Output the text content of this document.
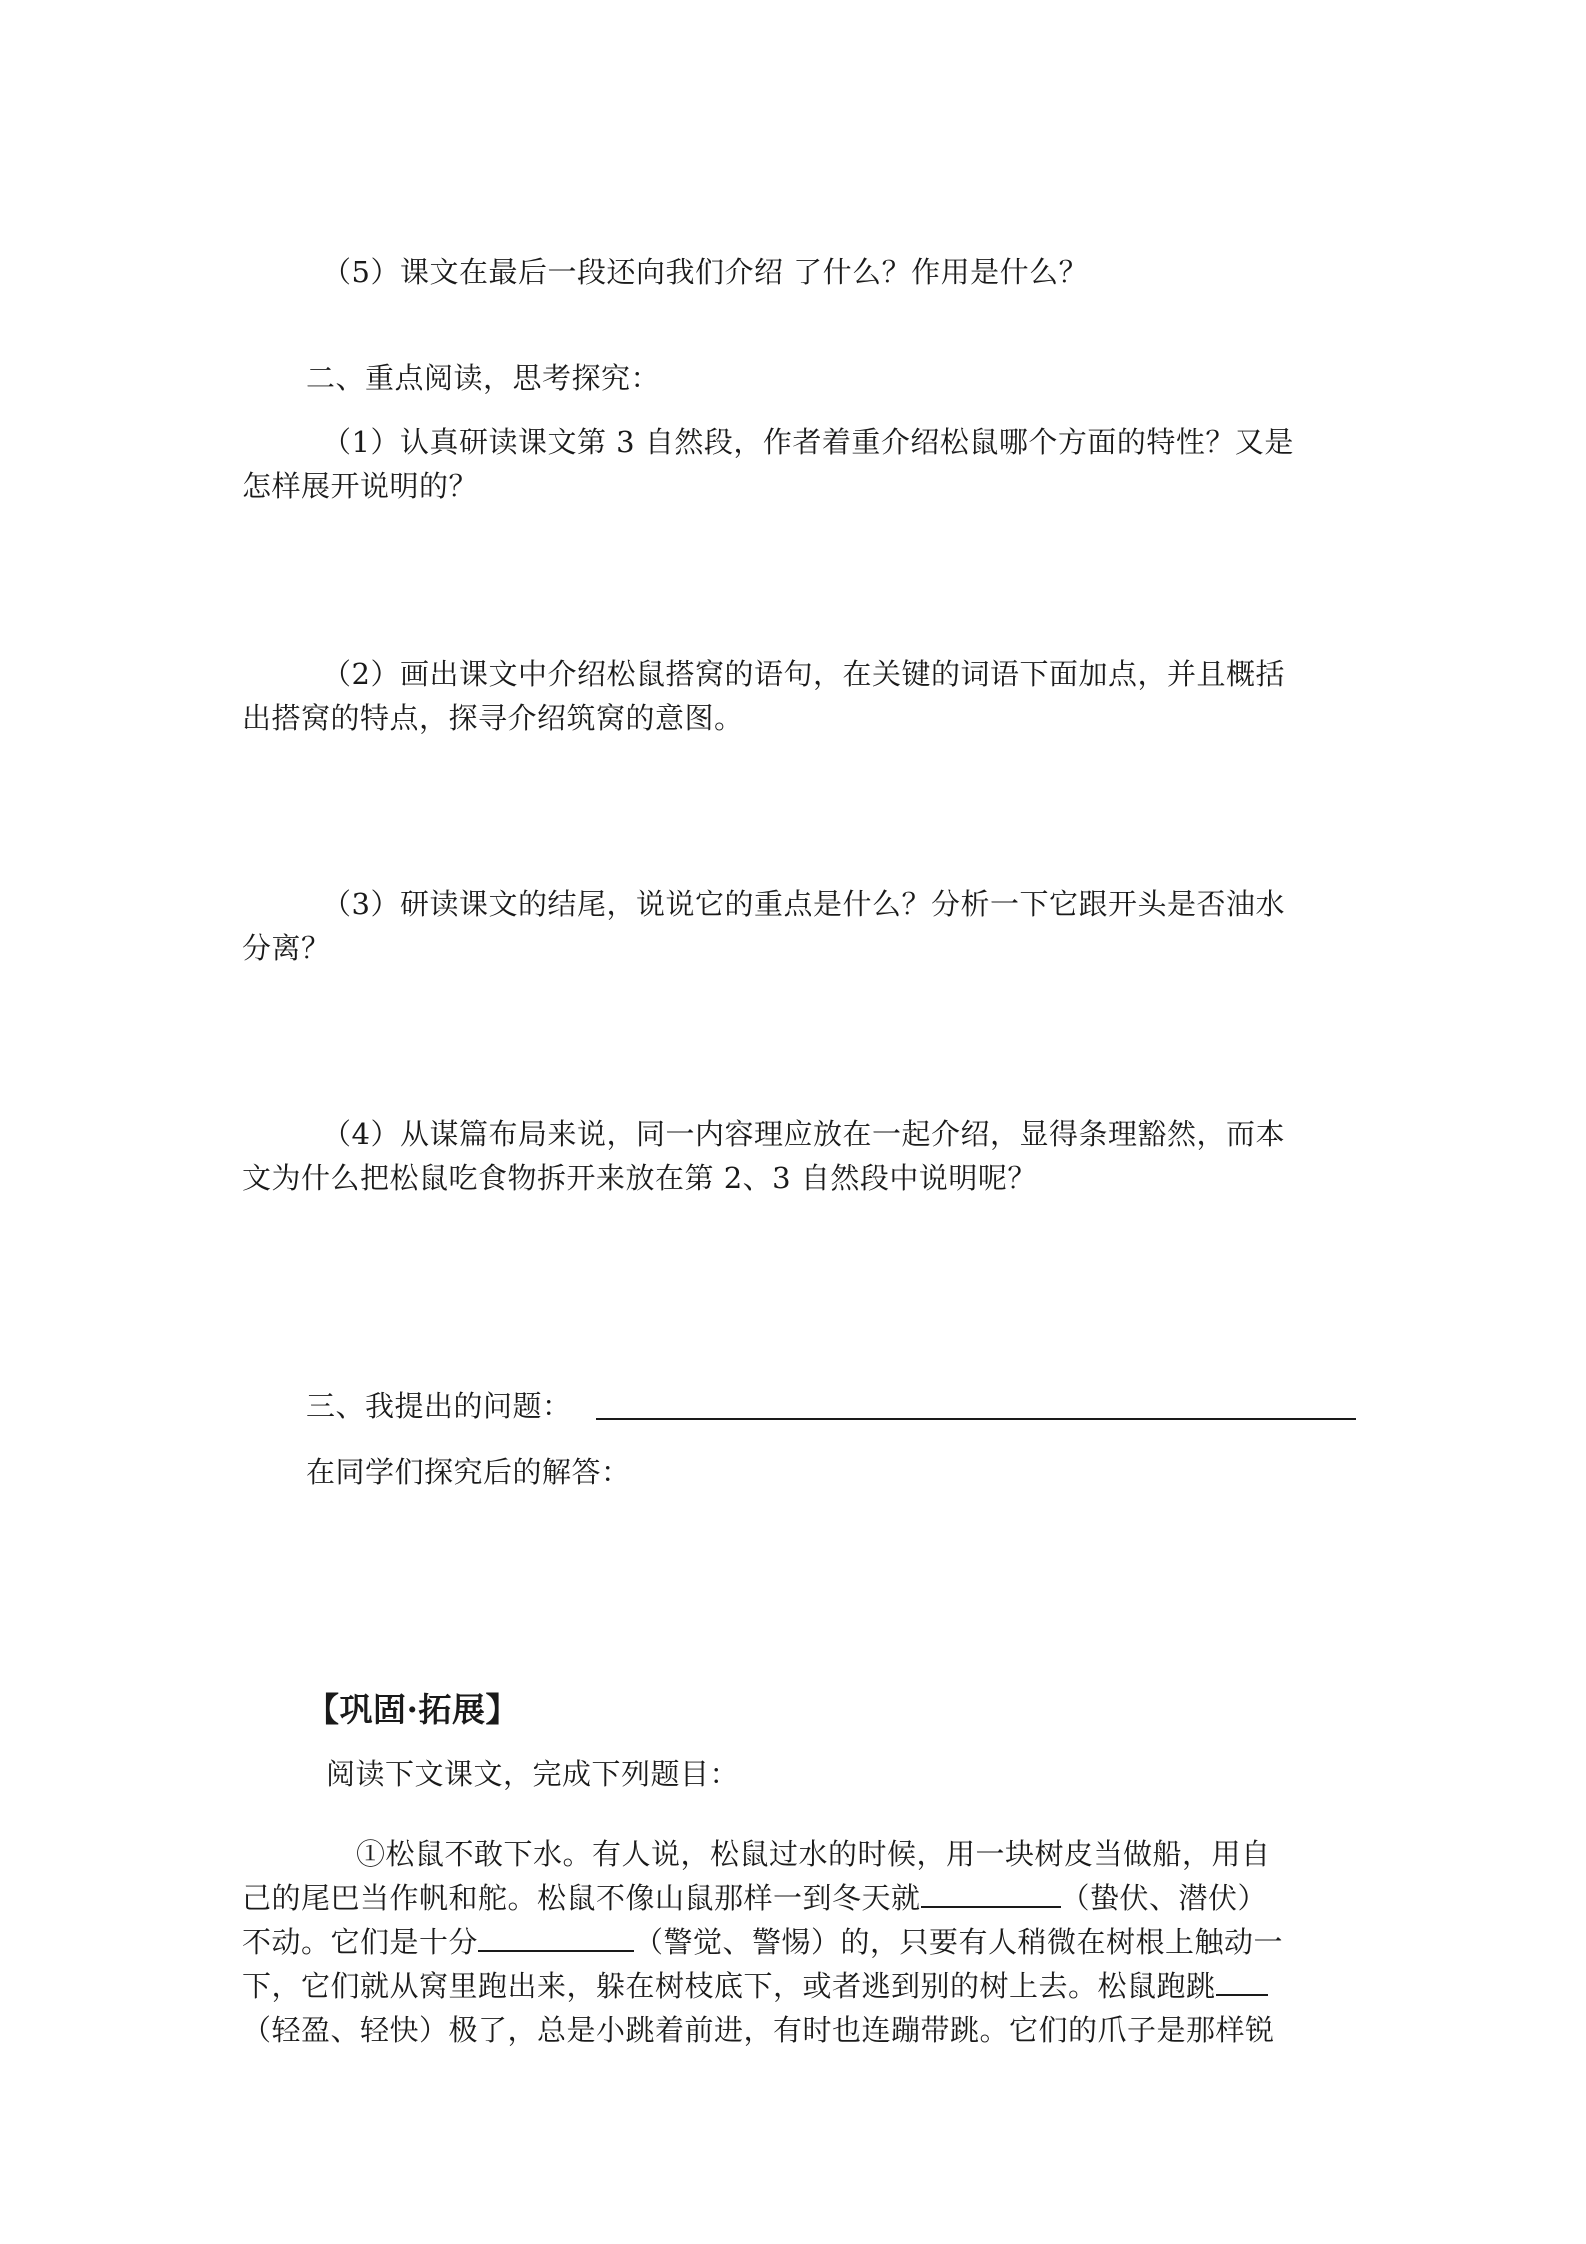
（5）课文在最后一段还向我们介绍 了什么？作用是什么？
二、重点阅读，思考探究：
（1）认真研读课文第 3 自然段，作者着重介绍松鼠哪个方面的特性？又是
怎样展开说明的？
（2）画出课文中介绍松鼠搭窝的语句，在关键的词语下面加点，并且概括
出搭窝的特点，探寻介绍筑窝的意图。
（3）研读课文的结尾，说说它的重点是什么？分析一下它跟开头是否油水
分离？
（4）从谋篇布局来说，同一内容理应放在一起介绍，显得条理豁然，而本
文为什么把松鼠吃食物拆开来放在第 2、3 自然段中说明呢？
三、我提出的问题：
在同学们探究后的解答：
【巩固·拓展】
阅读下文课文，完成下列题目：
①松鼠不敢下水。有人说，松鼠过水的时候，用一块树皮当做船，用自
己的尾巴当作帆和舵。松鼠不像山鼠那样一到冬天就	（蛰伏、潜伏）
不动。它们是十分	（警觉、警惕）的，只要有人稍微在树根上触动一
下，它们就从窝里跑出来，躲在树枝底下，或者逃到别的树上去。松鼠跑跳
（轻盈、轻快）极了，总是小跳着前进，有时也连蹦带跳。它们的爪子是那样锐
